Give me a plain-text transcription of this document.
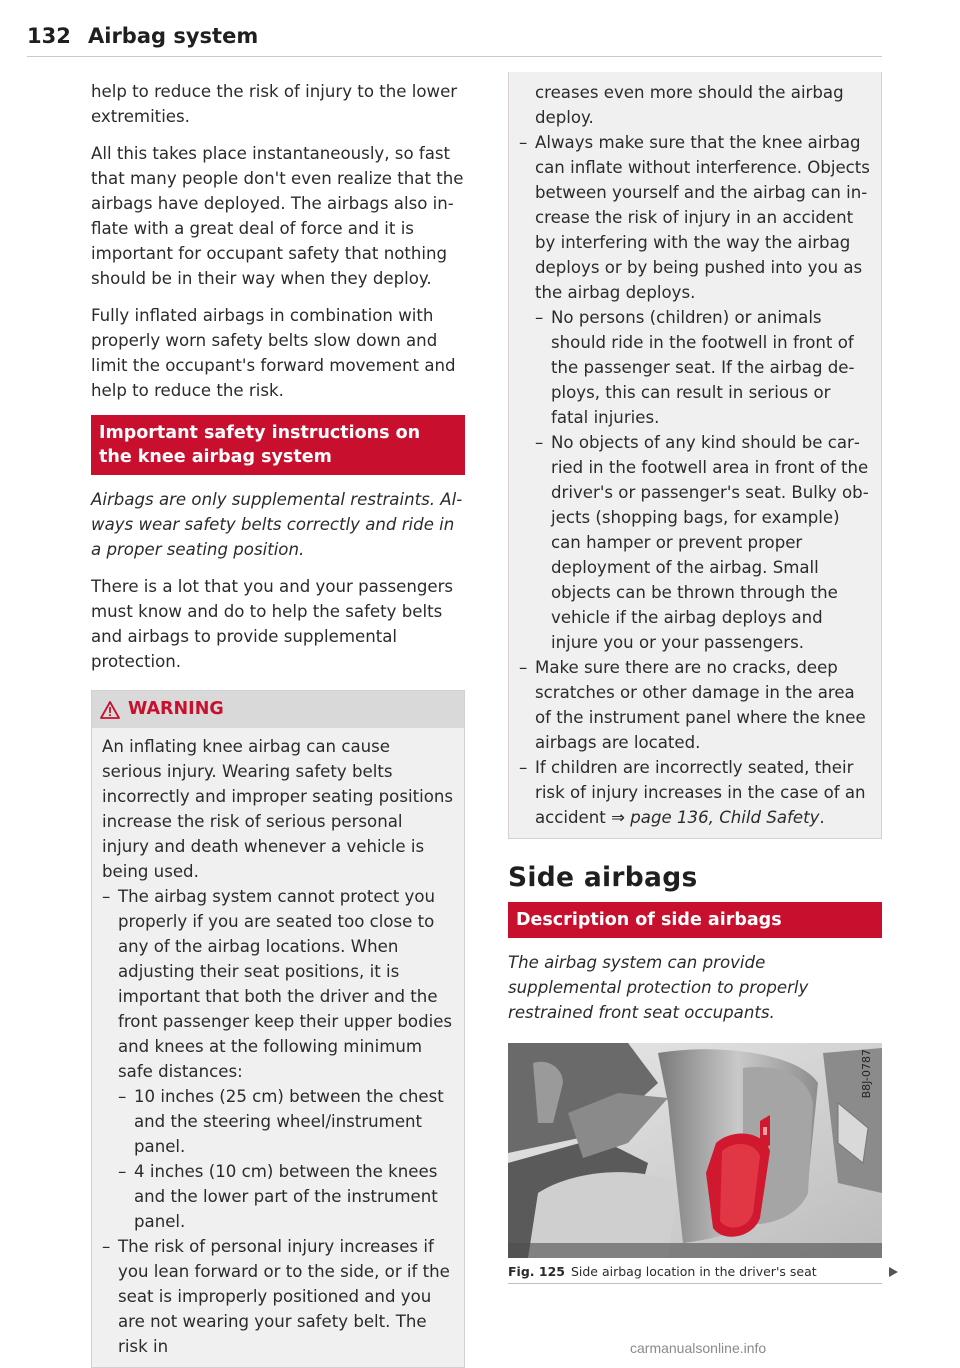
132 Airbag system

help to reduce the risk of injury to the lower extremities.

All this takes place instantaneously, so fast that many people don't even realize that the airbags have deployed. The airbags also inflate with a great deal of force and it is important for occupant safety that nothing should be in their way when they deploy.

Fully inflated airbags in combination with properly worn safety belts slow down and limit the occupant's forward movement and help to reduce the risk.

Important safety instructions on the knee airbag system

Airbags are only supplemental restraints. Always wear safety belts correctly and ride in a proper seating position.

There is a lot that you and your passengers must know and do to help the safety belts and airbags to provide supplemental protection.

WARNING

An inflating knee airbag can cause serious injury. Wearing safety belts incorrectly and improper seating positions increase the risk of serious personal injury and death whenever a vehicle is being used.

– The airbag system cannot protect you properly if you are seated too close to any of the airbag locations. When adjusting their seat positions, it is important that both the driver and the front passenger keep their upper bodies and knees at the following minimum safe distances:
– 10 inches (25 cm) between the chest and the steering wheel/instrument panel.
– 4 inches (10 cm) between the knees and the lower part of the instrument panel.
– The risk of personal injury increases if you lean forward or to the side, or if the seat is improperly positioned and you are not wearing your safety belt. The risk in
creases even more should the airbag deploy.
– Always make sure that the knee airbag can inflate without interference. Objects between yourself and the airbag can increase the risk of injury in an accident by interfering with the way the airbag deploys or by being pushed into you as the airbag deploys.
– No persons (children) or animals should ride in the footwell in front of the passenger seat. If the airbag deploys, this can result in serious or fatal injuries.
– No objects of any kind should be carried in the footwell area in front of the driver's or passenger's seat. Bulky objects (shopping bags, for example) can hamper or prevent proper deployment of the airbag. Small objects can be thrown through the vehicle if the airbag deploys and injure you or your passengers.
– Make sure there are no cracks, deep scratches or other damage in the area of the instrument panel where the knee airbags are located.
– If children are incorrectly seated, their risk of injury increases in the case of an accident ⇒ page 136, Child Safety.
Side airbags
Description of side airbags

The airbag system can provide supplemental protection to properly restrained front seat occupants.

B8J-0787
Fig. 125 Side airbag location in the driver's seat
carmanualsonline.info
